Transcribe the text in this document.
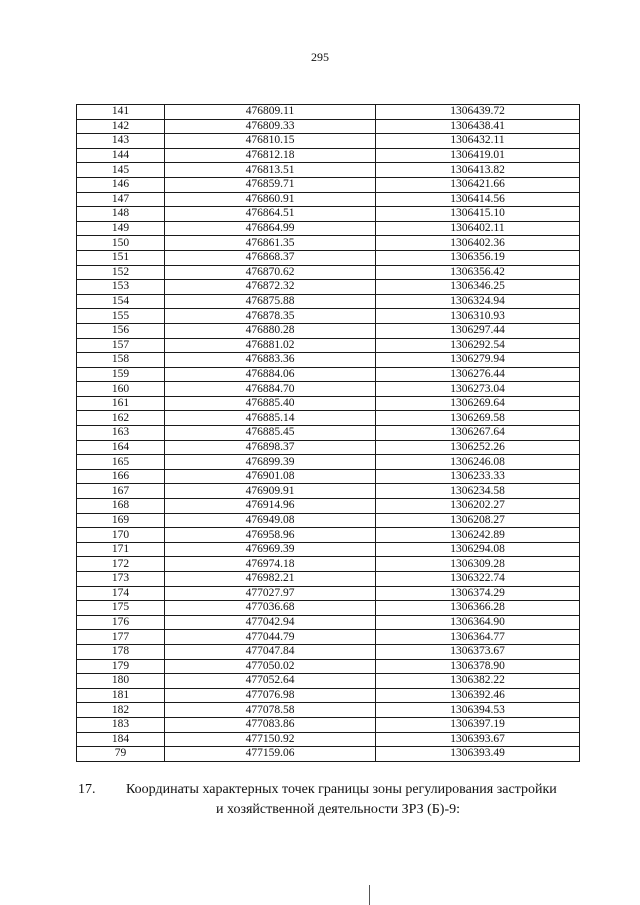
295
141	476809.11	1306439.72
142	476809.33	1306438.41
143	476810.15	1306432.11
144	476812.18	1306419.01
145	476813.51	1306413.82
146	476859.71	1306421.66
147	476860.91	1306414.56
148	476864.51	1306415.10
149	476864.99	1306402.11
150	476861.35	1306402.36
151	476868.37	1306356.19
152	476870.62	1306356.42
153	476872.32	1306346.25
154	476875.88	1306324.94
155	476878.35	1306310.93
156	476880.28	1306297.44
157	476881.02	1306292.54
158	476883.36	1306279.94
159	476884.06	1306276.44
160	476884.70	1306273.04
161	476885.40	1306269.64
162	476885.14	1306269.58
163	476885.45	1306267.64
164	476898.37	1306252.26
165	476899.39	1306246.08
166	476901.08	1306233.33
167	476909.91	1306234.58
168	476914.96	1306202.27
169	476949.08	1306208.27
170	476958.96	1306242.89
171	476969.39	1306294.08
172	476974.18	1306309.28
173	476982.21	1306322.74
174	477027.97	1306374.29
175	477036.68	1306366.28
176	477042.94	1306364.90
177	477044.79	1306364.77
178	477047.84	1306373.67
179	477050.02	1306378.90
180	477052.64	1306382.22
181	477076.98	1306392.46
182	477078.58	1306394.53
183	477083.86	1306397.19
184	477150.92	1306393.67
79	477159.06	1306393.49
17. Координаты характерных точек границы зоны регулирования застройки
и хозяйственной деятельности ЗРЗ (Б)-9:
